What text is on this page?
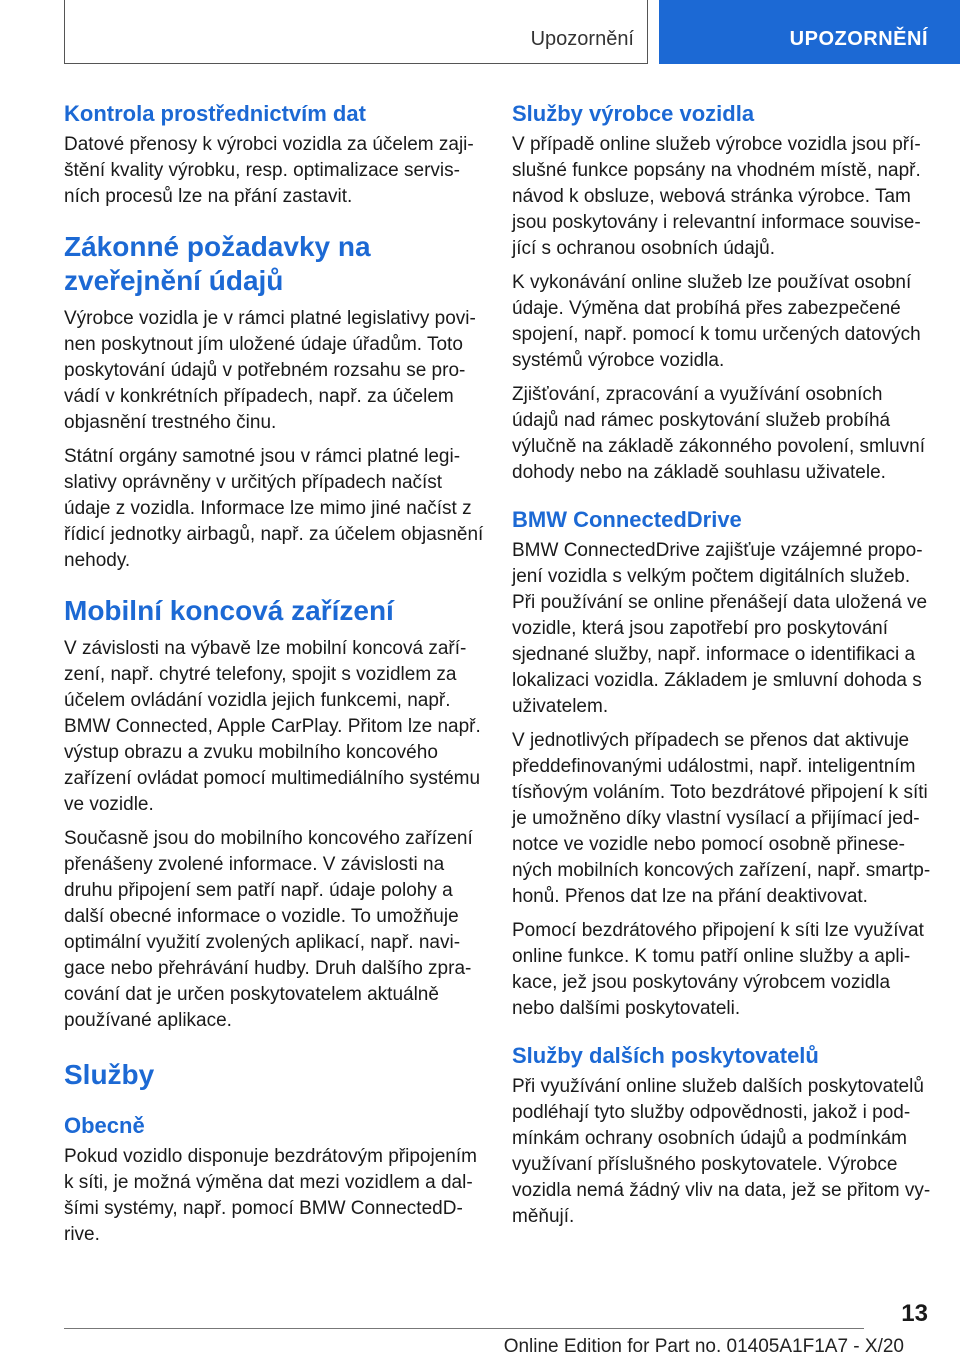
Upozornění	UPOZORNĚNÍ
Kontrola prostřednictvím dat

Datové přenosy k výrobci vozidla za účelem zajištění kvality výrobku, resp. optimalizace servisních procesů lze na přání zastavit.

Zákonné požadavky na zveřejnění údajů

Výrobce vozidla je v rámci platné legislativy povinen poskytnout jím uložené údaje úřadům. Toto poskytování údajů v potřebném rozsahu se provádí v konkrétních případech, např. za účelem objasnění trestného činu.

Státní orgány samotné jsou v rámci platné legislativy oprávněny v určitých případech načíst údaje z vozidla. Informace lze mimo jiné načíst z řídicí jednotky airbagů, např. za účelem objasnění nehody.

Mobilní koncová zařízení

V závislosti na výbavě lze mobilní koncová zařízení, např. chytré telefony, spojit s vozidlem za účelem ovládání vozidla jejich funkcemi, např. BMW Connected, Apple CarPlay. Přitom lze např. výstup obrazu a zvuku mobilního koncového zařízení ovládat pomocí multimediálního systému ve vozidle.

Současně jsou do mobilního koncového zařízení přenášeny zvolené informace. V závislosti na druhu připojení sem patří např. údaje polohy a další obecné informace o vozidle. To umožňuje optimální využití zvolených aplikací, např. navigace nebo přehrávání hudby. Druh dalšího zpracování dat je určen poskytovatelem aktuálně používané aplikace.

Služby
Obecně

Pokud vozidlo disponuje bezdrátovým připojením k síti, je možná výměna dat mezi vozidlem a dalšími systémy, např. pomocí BMW ConnectedDrive.

Služby výrobce vozidla

V případě online služeb výrobce vozidla jsou příslušné funkce popsány na vhodném místě, např. návod k obsluze, webová stránka výrobce. Tam jsou poskytovány i relevantní informace související s ochranou osobních údajů.

K vykonávání online služeb lze používat osobní údaje. Výměna dat probíhá přes zabezpečené spojení, např. pomocí k tomu určených datových systémů výrobce vozidla.

Zjišťování, zpracování a využívání osobních údajů nad rámec poskytování služeb probíhá výlučně na základě zákonného povolení, smluvní dohody nebo na základě souhlasu uživatele.

BMW ConnectedDrive

BMW ConnectedDrive zajišťuje vzájemné propojení vozidla s velkým počtem digitálních služeb. Při používání se online přenášejí data uložená ve vozidle, která jsou zapotřebí pro poskytování sjednané služby, např. informace o identifikaci a lokalizaci vozidla. Základem je smluvní dohoda s uživatelem.

V jednotlivých případech se přenos dat aktivuje předdefinovanými událostmi, např. inteligentním tísňovým voláním. Toto bezdrátové připojení k síti je umožněno díky vlastní vysílací a přijímací jednotce ve vozidle nebo pomocí osobně přinesených mobilních koncových zařízení, např. smartphonů. Přenos dat lze na přání deaktivovat.

Pomocí bezdrátového připojení k síti lze využívat online funkce. K tomu patří online služby a aplikace, jež jsou poskytovány výrobcem vozidla nebo dalšími poskytovateli.

Služby dalších poskytovatelů

Při využívání online služeb dalších poskytovatelů podléhají tyto služby odpovědnosti, jakož i podmínkám ochrany osobních údajů a podmínkám využívaní příslušného poskytovatele. Výrobce vozidla nemá žádný vliv na data, jež se přitom vyměňují.

13
Online Edition for Part no. 01405A1F1A7 - X/20
